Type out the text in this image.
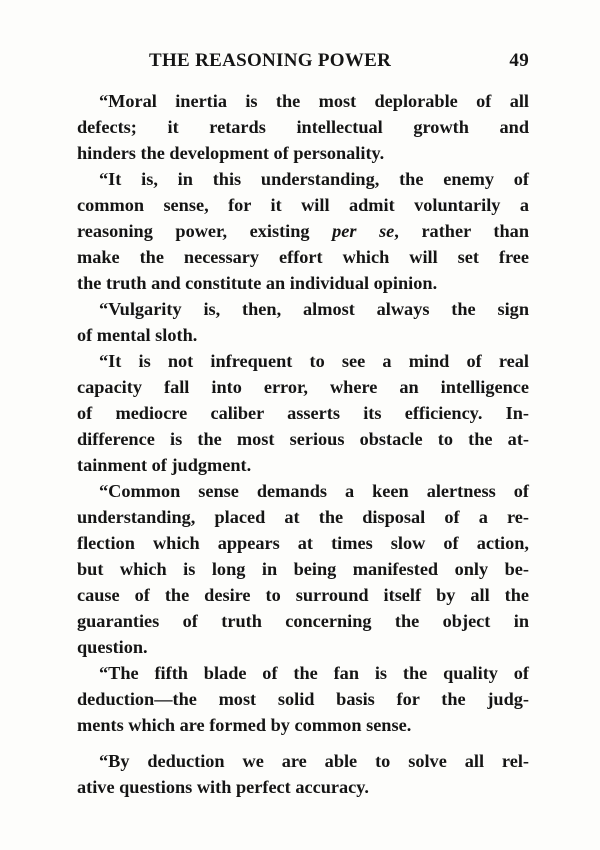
THE REASONING POWER	49
“Moral inertia is the most deplorable of all
defects; it retards intellectual growth and
hinders the development of personality.
“It is, in this understanding, the enemy of
common sense, for it will admit voluntarily a
reasoning power, existing per se, rather than
make the necessary effort which will set free
the truth and constitute an individual opinion.
“Vulgarity is, then, almost always the sign
of mental sloth.
“It is not infrequent to see a mind of real
capacity fall into error, where an intelligence
of mediocre caliber asserts its efficiency. In-
difference is the most serious obstacle to the at-
tainment of judgment.
“Common sense demands a keen alertness of
understanding, placed at the disposal of a re-
flection which appears at times slow of action,
but which is long in being manifested only be-
cause of the desire to surround itself by all the
guaranties of truth concerning the object in
question.
“The fifth blade of the fan is the quality of
deduction—the most solid basis for the judg-
ments which are formed by common sense.
“By deduction we are able to solve all rel-
ative questions with perfect accuracy.
